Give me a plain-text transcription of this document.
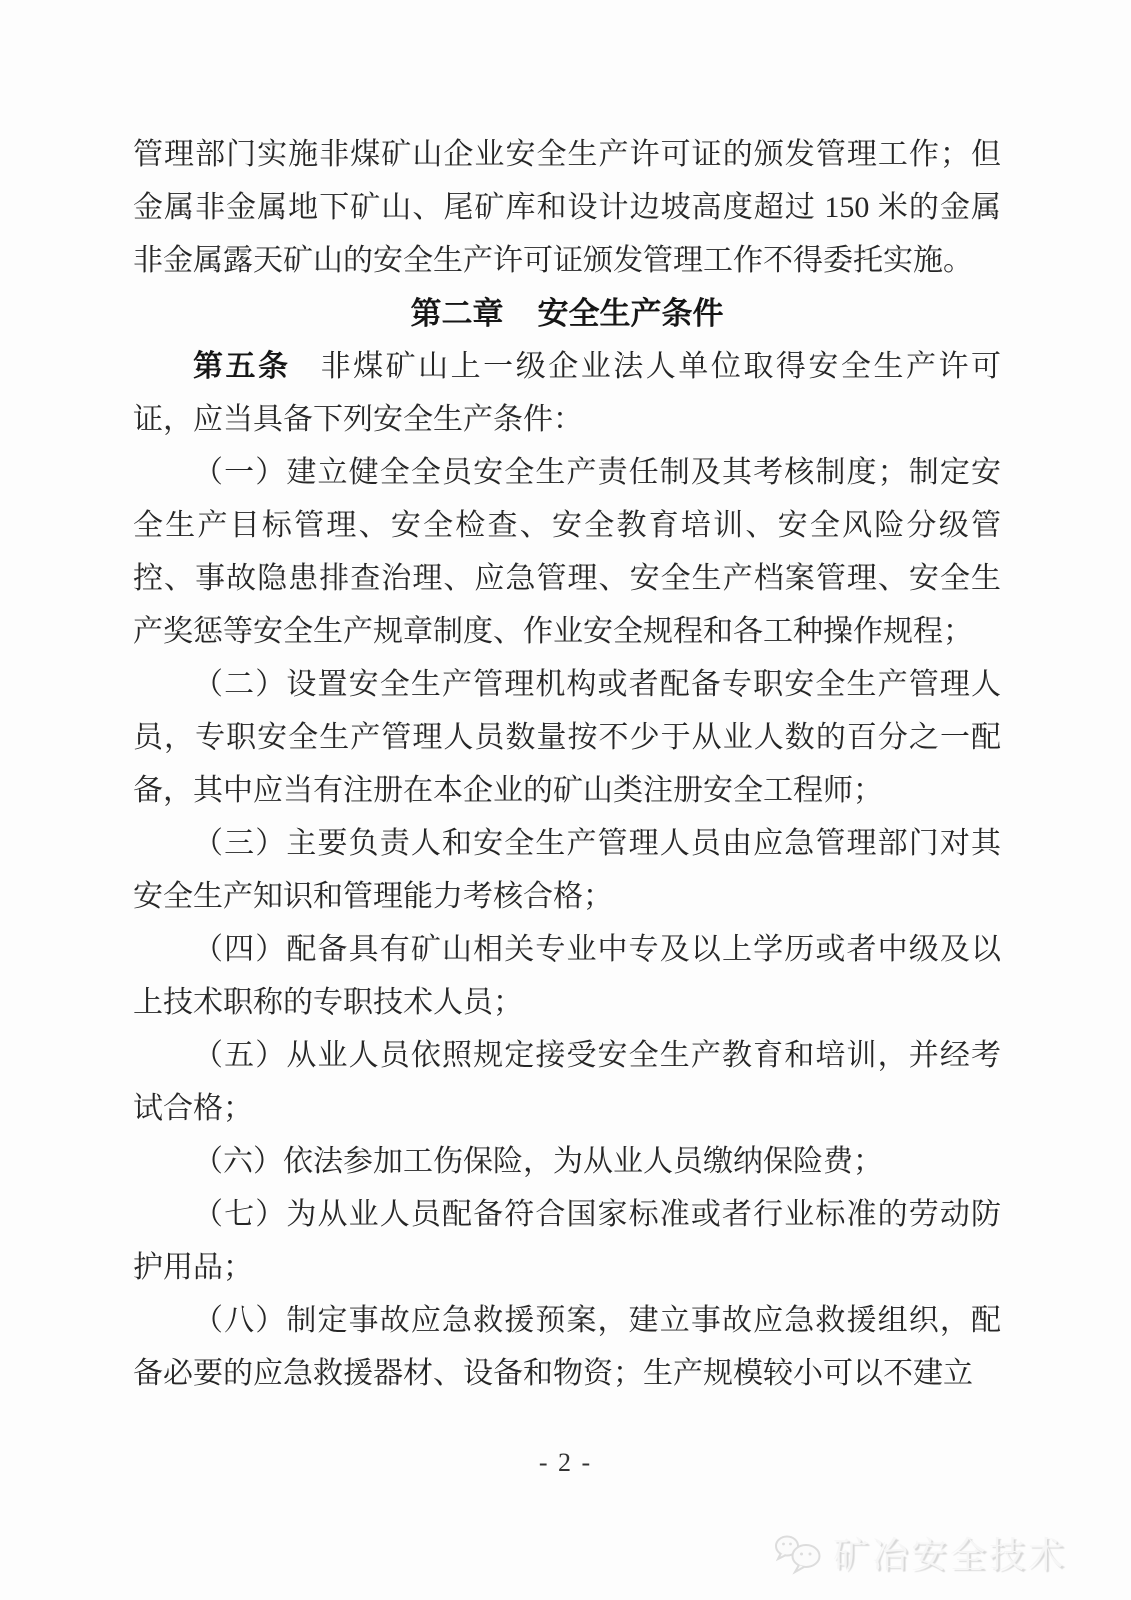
管理部门实施非煤矿山企业安全生产许可证的颁发管理工作；但金属非金属地下矿山、尾矿库和设计边坡高度超过 150 米的金属非金属露天矿山的安全生产许可证颁发管理工作不得委托实施。

第二章 安全生产条件

第五条 非煤矿山上一级企业法人单位取得安全生产许可证，应当具备下列安全生产条件：

（一）建立健全全员安全生产责任制及其考核制度；制定安全生产目标管理、安全检查、安全教育培训、安全风险分级管控、事故隐患排查治理、应急管理、安全生产档案管理、安全生产奖惩等安全生产规章制度、作业安全规程和各工种操作规程；

（二）设置安全生产管理机构或者配备专职安全生产管理人员，专职安全生产管理人员数量按不少于从业人数的百分之一配备，其中应当有注册在本企业的矿山类注册安全工程师；

（三）主要负责人和安全生产管理人员由应急管理部门对其安全生产知识和管理能力考核合格；

（四）配备具有矿山相关专业中专及以上学历或者中级及以上技术职称的专职技术人员；

（五）从业人员依照规定接受安全生产教育和培训，并经考试合格；

（六）依法参加工伤保险，为从业人员缴纳保险费；

（七）为从业人员配备符合国家标准或者行业标准的劳动防护用品；

（八）制定事故应急救援预案，建立事故应急救援组织，配备必要的应急救援器材、设备和物资；生产规模较小可以不建立

- 2 -
矿冶安全技术
